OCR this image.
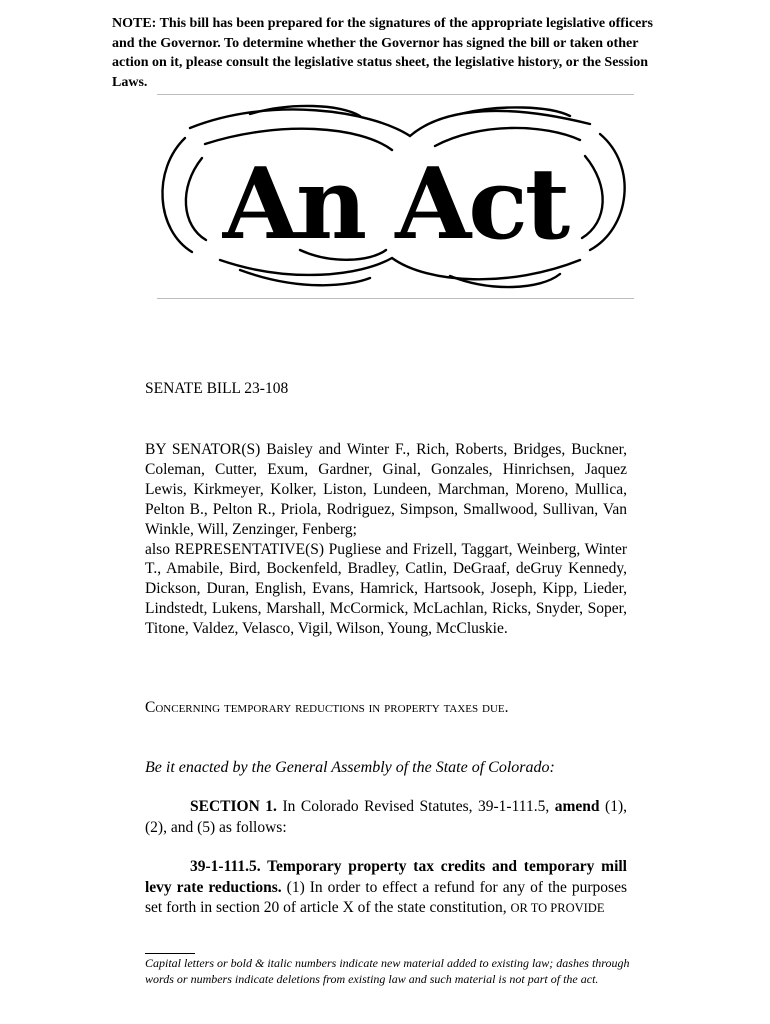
NOTE: This bill has been prepared for the signatures of the appropriate legislative officers and the Governor. To determine whether the Governor has signed the bill or taken other action on it, please consult the legislative status sheet, the legislative history, or the Session Laws.
An Act
SENATE BILL 23-108

BY SENATOR(S) Baisley and Winter F., Rich, Roberts, Bridges, Buckner, Coleman, Cutter, Exum, Gardner, Ginal, Gonzales, Hinrichsen, Jaquez Lewis, Kirkmeyer, Kolker, Liston, Lundeen, Marchman, Moreno, Mullica, Pelton B., Pelton R., Priola, Rodriguez, Simpson, Smallwood, Sullivan, Van Winkle, Will, Zenzinger, Fenberg;

also REPRESENTATIVE(S) Pugliese and Frizell, Taggart, Weinberg, Winter T., Amabile, Bird, Bockenfeld, Bradley, Catlin, DeGraaf, deGruy Kennedy, Dickson, Duran, English, Evans, Hamrick, Hartsook, Joseph, Kipp, Lieder, Lindstedt, Lukens, Marshall, McCormick, McLachlan, Ricks, Snyder, Soper, Titone, Valdez, Velasco, Vigil, Wilson, Young, McCluskie.

Concerning temporary reductions in property taxes due.
Be it enacted by the General Assembly of the State of Colorado:
SECTION 1. In Colorado Revised Statutes, 39-1-111.5, amend (1), (2), and (5) as follows:
39-1-111.5. Temporary property tax credits and temporary mill levy rate reductions. (1) In order to effect a refund for any of the purposes set forth in section 20 of article X of the state constitution, OR TO PROVIDE
Capital letters or bold & italic numbers indicate new material added to existing law; dashes through words or numbers indicate deletions from existing law and such material is not part of the act.
